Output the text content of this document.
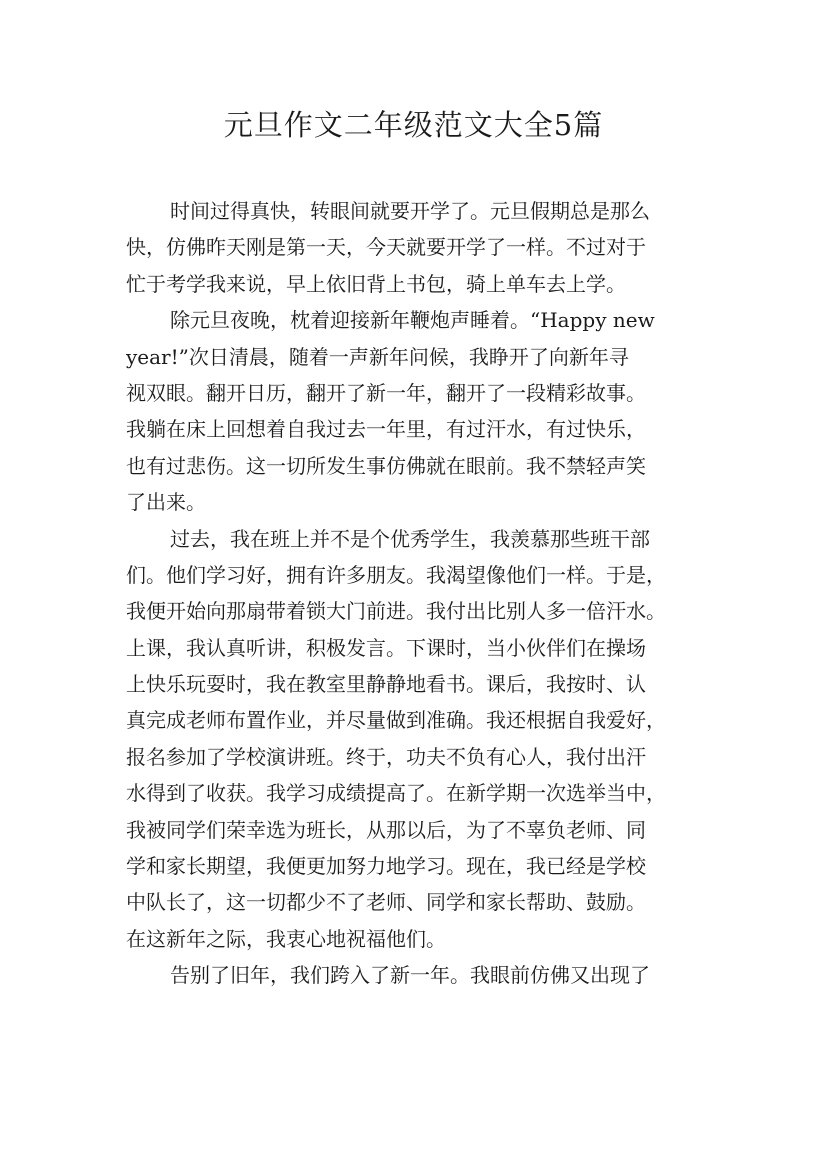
元旦作文二年级范文大全5篇
时间过得真快，转眼间就要开学了。元旦假期总是那么
快，仿佛昨天刚是第一天，今天就要开学了一样。不过对于
忙于考学我来说，早上依旧背上书包，骑上单车去上学。
除元旦夜晚，枕着迎接新年鞭炮声睡着。“Happy new
year!”次日清晨，随着一声新年问候，我睁开了向新年寻
视双眼。翻开日历，翻开了新一年，翻开了一段精彩故事。
我躺在床上回想着自我过去一年里，有过汗水，有过快乐，
也有过悲伤。这一切所发生事仿佛就在眼前。我不禁轻声笑
了出来。
过去，我在班上并不是个优秀学生，我羡慕那些班干部
们。他们学习好，拥有许多朋友。我渴望像他们一样。于是，
我便开始向那扇带着锁大门前进。我付出比别人多一倍汗水。
上课，我认真听讲，积极发言。下课时，当小伙伴们在操场
上快乐玩耍时，我在教室里静静地看书。课后，我按时、认
真完成老师布置作业，并尽量做到准确。我还根据自我爱好，
报名参加了学校演讲班。终于，功夫不负有心人，我付出汗
水得到了收获。我学习成绩提高了。在新学期一次选举当中，
我被同学们荣幸选为班长，从那以后，为了不辜负老师、同
学和家长期望，我便更加努力地学习。现在，我已经是学校
中队长了，这一切都少不了老师、同学和家长帮助、鼓励。
在这新年之际，我衷心地祝福他们。
告别了旧年，我们跨入了新一年。我眼前仿佛又出现了
